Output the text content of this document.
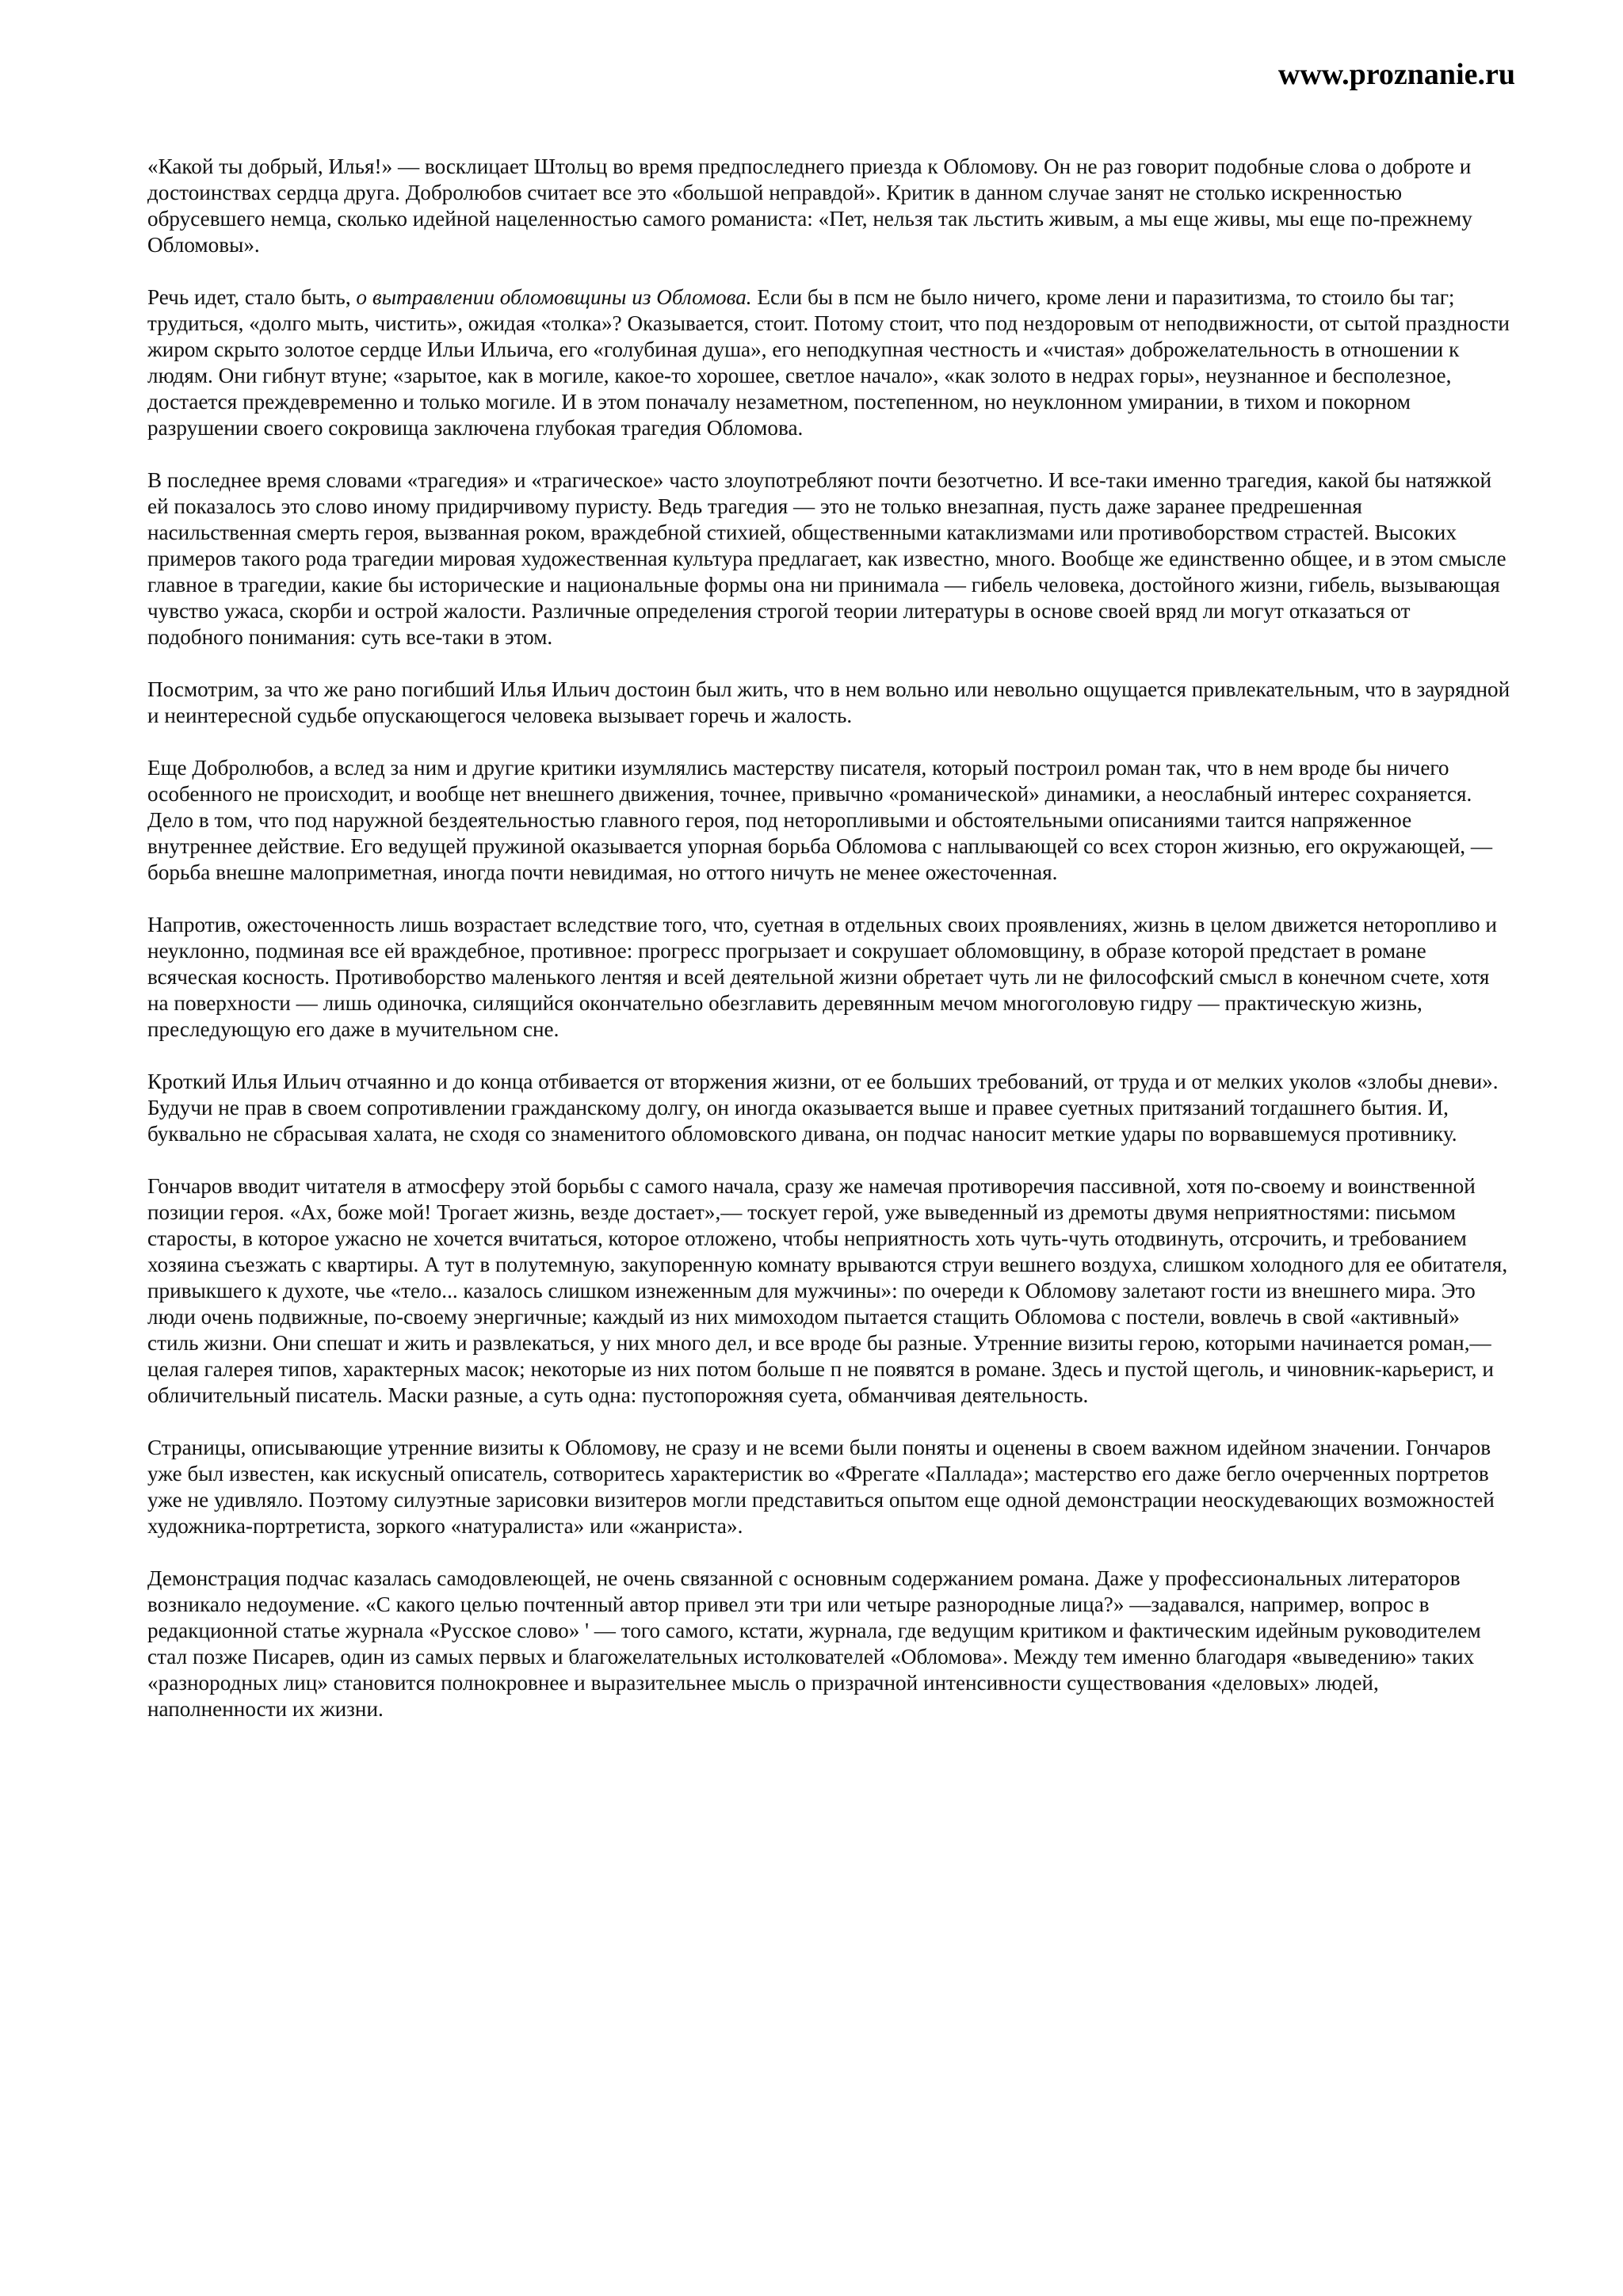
www.proznanie.ru

«Какой ты добрый, Илья!» — восклицает Штольц во время предпоследнего приезда к Обломову. Он не раз говорит подобные слова о доброте и достоинствах сердца друга. Добролюбов считает все это «большой неправдой». Критик в данном случае занят не столько искренностью обрусевшего немца, сколько идейной нацеленностью самого романиста: «Пет, нельзя так льстить живым, а мы еще живы, мы еще по-прежнему Обломовы».

Речь идет, стало быть, о вытравлении обломовщины из Обломова. Если бы в псм не было ничего, кроме лени и паразитизма, то стоило бы таг; трудиться, «долго мыть, чистить», ожидая «толка»? Оказывается, стоит. Потому стоит, что под нездоровым от неподвижности, от сытой праздности жиром скрыто золотое сердце Ильи Ильича, его «голубиная душа», его неподкупная честность и «чистая» доброжелательность в отношении к людям. Они гибнут втуне; «зарытое, как в могиле, какое-то хорошее, светлое начало», «как золото в недрах горы», неузнанное и бесполезное, достается преждевременно и только могиле. И в этом поначалу незаметном, постепенном, но неуклонном умирании, в тихом и покорном разрушении своего сокровища заключена глубокая трагедия Обломова.

В последнее время словами «трагедия» и «трагическое» часто злоупотребляют почти безотчетно. И все-таки именно трагедия, какой бы натяжкой ей показалось это слово иному придирчивому пуристу. Ведь трагедия — это не только внезапная, пусть даже заранее предрешенная насильственная смерть героя, вызванная роком, враждебной стихией, общественными катаклизмами или противоборством страстей. Высоких примеров такого рода трагедии мировая художественная культура предлагает, как известно, много. Вообще же единственно общее, и в этом смысле главное в трагедии, какие бы исторические и национальные формы она ни принимала — гибель человека, достойного жизни, гибель, вызывающая чувство ужаса, скорби и острой жалости. Различные определения строгой теории литературы в основе своей вряд ли могут отказаться от подобного понимания: суть все-таки в этом.

Посмотрим, за что же рано погибший Илья Ильич достоин был жить, что в нем вольно или невольно ощущается привлекательным, что в заурядной и неинтересной судьбе опускающегося человека вызывает горечь и жалость.

Еще Добролюбов, а вслед за ним и другие критики изумлялись мастерству писателя, который построил роман так, что в нем вроде бы ничего особенного не происходит, и вообще нет внешнего движения, точнее, привычно «романической» динамики, а неослабный интерес сохраняется. Дело в том, что под наружной бездеятельностью главного героя, под неторопливыми и обстоятельными описаниями таится напряженное внутреннее действие. Его ведущей пружиной оказывается упорная борьба Обломова с наплывающей со всех сторон жизнью, его окружающей, — борьба внешне малоприметная, иногда почти невидимая, но оттого ничуть не менее ожесточенная.

Напротив, ожесточенность лишь возрастает вследствие того, что, суетная в отдельных своих проявлениях, жизнь в целом движется неторопливо и неуклонно, подминая все ей враждебное, противное: прогресс прогрызает и сокрушает обломовщину, в образе которой предстает в романе всяческая косность. Противоборство маленького лентяя и всей деятельной жизни обретает чуть ли не философский смысл в конечном счете, хотя на поверхности — лишь одиночка, силящийся окончательно обезглавить деревянным мечом многоголовую гидру — практическую жизнь, преследующую его даже в мучительном сне.

Кроткий Илья Ильич отчаянно и до конца отбивается от вторжения жизни, от ее больших требований, от труда и от мелких уколов «злобы дневи». Будучи не прав в своем сопротивлении гражданскому долгу, он иногда оказывается выше и правее суетных притязаний тогдашнего бытия. И, буквально не сбрасывая халата, не сходя со знаменитого обломовского дивана, он подчас наносит меткие удары по ворвавшемуся противнику.

Гончаров вводит читателя в атмосферу этой борьбы с самого начала, сразу же намечая противоречия пассивной, хотя по-своему и воинственной позиции героя. «Ах, боже мой! Трогает жизнь, везде достает»,— тоскует герой, уже выведенный из дремоты двумя неприятностями: письмом старосты, в которое ужасно не хочется вчитаться, которое отложено, чтобы неприятность хоть чуть-чуть отодвинуть, отсрочить, и требованием хозяина съезжать с квартиры. А тут в полутемную, закупоренную комнату врываются струи вешнего воздуха, слишком холодного для ее обитателя, привыкшего к духоте, чье «тело... казалось слишком изнеженным для мужчины»: по очереди к Обломову залетают гости из внешнего мира. Это люди очень подвижные, по-своему энергичные; каждый из них мимоходом пытается стащить Обломова с постели, вовлечь в свой «активный» стиль жизни. Они спешат и жить и развлекаться, у них много дел, и все вроде бы разные. Утренние визиты герою, которыми начинается роман,— целая галерея типов, характерных масок; некоторые из них потом больше п не появятся в романе. Здесь и пустой щеголь, и чиновник-карьерист, и обличительный писатель. Маски разные, а суть одна: пустопорожняя суета, обманчивая деятельность.

Страницы, описывающие утренние визиты к Обломову, не сразу и не всеми были поняты и оценены в своем важном идейном значении. Гончаров уже был известен, как искусный описатель, сотворитесь характеристик во «Фрегате «Паллада»; мастерство его даже бегло очерченных портретов уже не удивляло. Поэтому силуэтные зарисовки визитеров могли представиться опытом еще одной демонстрации неоскудевающих возможностей художника-портретиста, зоркого «натуралиста» или «жанриста».

Демонстрация подчас казалась самодовлеющей, не очень связанной с основным содержанием романа. Даже у профессиональных литераторов возникало недоумение. «С какого целью почтенный автор привел эти три или четыре разнородные лица?» —задавался, например, вопрос в редакционной статье журнала «Русское слово» ' — того самого, кстати, журнала, где ведущим критиком и фактическим идейным руководителем стал позже Писарев, один из самых первых и благожелательных истолкователей «Обломова». Между тем именно благодаря «выведению» таких «разнородных лиц» становится полнокровнее и выразительнее мысль о призрачной интенсивности существования «деловых» людей, наполненности их жизни.
